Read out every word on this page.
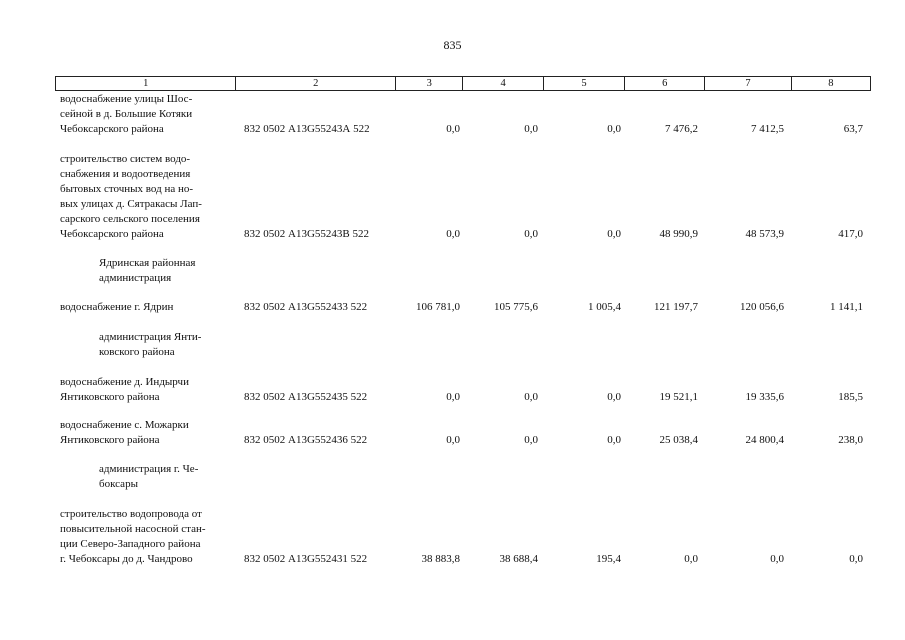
835
1	2	3	4	5	6	7	8
водоснабжение улицы Шос-
сейной в д. Большие Котяки
Чебоксарского района	832 0502 А13G55243А 522	0,0	0,0	0,0	7 476,2	7 412,5	63,7
строительство систем водо-
снабжения и водоотведения
бытовых сточных вод на но-
вых улицах д. Сятракасы Лап-
сарского сельского поселения
Чебоксарского района	832 0502 А13G55243В 522	0,0	0,0	0,0	48 990,9	48 573,9	417,0
Ядринская районная
администрация
водоснабжение г. Ядрин	832 0502 А13G552433 522	106 781,0	105 775,6	1 005,4	121 197,7	120 056,6	1 141,1
администрация Янти-
ковского района
водоснабжение д. Индырчи
Янтиковского района	832 0502 А13G552435 522	0,0	0,0	0,0	19 521,1	19 335,6	185,5
водоснабжение с. Можарки
Янтиковского района	832 0502 А13G552436 522	0,0	0,0	0,0	25 038,4	24 800,4	238,0
администрация г. Че-
боксары
строительство водопровода от
повысительной насосной стан-
ции Северо-Западного района
г. Чебоксары до д. Чандрово	832 0502 А13G552431 522	38 883,8	38 688,4	195,4	0,0	0,0	0,0
